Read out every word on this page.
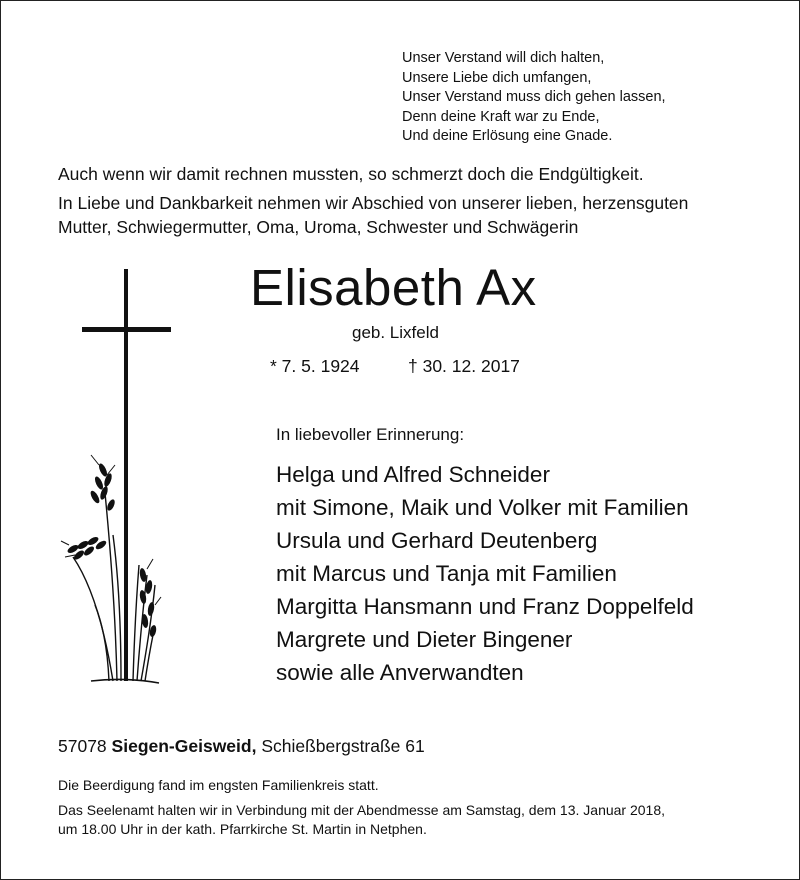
Unser Verstand will dich halten,
Unsere Liebe dich umfangen,
Unser Verstand muss dich gehen lassen,
Denn deine Kraft war zu Ende,
Und deine Erlösung eine Gnade.
Auch wenn wir damit rechnen mussten, so schmerzt doch die Endgültigkeit.
In Liebe und Dankbarkeit nehmen wir Abschied von unserer lieben, herzensguten
Mutter, Schwiegermutter, Oma, Uroma, Schwester und Schwägerin
Elisabeth Ax
geb. Lixfeld
* 7. 5. 1924	† 30. 12. 2017
In liebevoller Erinnerung:
Helga und Alfred Schneider
mit Simone, Maik und Volker mit Familien
Ursula und Gerhard Deutenberg
mit Marcus und Tanja mit Familien
Margitta Hansmann und Franz Doppelfeld
Margrete und Dieter Bingener
sowie alle Anverwandten
57078 Siegen-Geisweid, Schießbergstraße 61
Die Beerdigung fand im engsten Familienkreis statt.
Das Seelenamt halten wir in Verbindung mit der Abendmesse am Samstag, dem 13. Januar 2018,
um 18.00 Uhr in der kath. Pfarrkirche St. Martin in Netphen.
